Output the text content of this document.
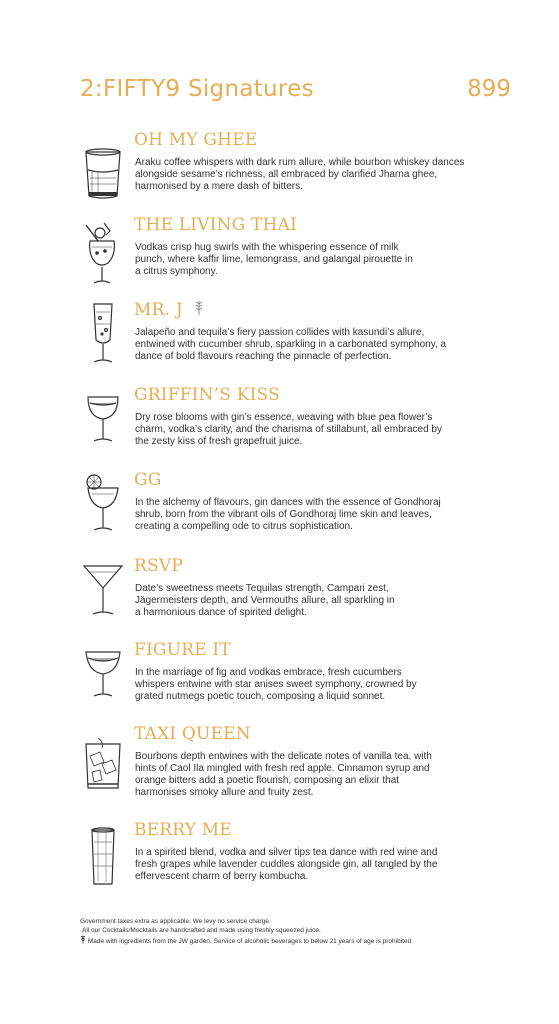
2:FIFTY9 Signatures	899
OH MY GHEE

Araku coffee whispers with dark rum allure, while bourbon whiskey dances
alongside sesame’s richness, all embraced by clarified Jharna ghee,
harmonised by a mere dash of bitters.

THE LIVING THAI

Vodkas crisp hug swirls with the whispering essence of milk
punch, where kaffir lime, lemongrass, and galangal pirouette in
a citrus symphony.

MR. J

Jalapeño and tequila’s fiery passion collides with kasundi’s allure,
entwined with cucumber shrub, sparkling in a carbonated symphony, a
dance of bold flavours reaching the pinnacle of perfection.

GRIFFIN’S KISS

Dry rose blooms with gin’s essence, weaving with blue pea flower’s
charm, vodka’s clarity, and the charisma of stillabunt, all embraced by
the zesty kiss of fresh grapefruit juice.

GG

In the alchemy of flavours, gin dances with the essence of Gondhoraj
shrub, born from the vibrant oils of Gondhoraj lime skin and leaves,
creating a compelling ode to citrus sophistication.

RSVP

Date’s sweetness meets Tequilas strength, Campari zest,
Jägermeisters depth, and Vermouths allure, all sparkling in
a harmonious dance of spirited delight.

FIGURE IT

In the marriage of fig and vodkas embrace, fresh cucumbers
whispers entwine with star anises sweet symphony, crowned by
grated nutmegs poetic touch, composing a liquid sonnet.

TAXI QUEEN

Bourbons depth entwines with the delicate notes of vanilla tea, with
hints of Caol Ila mingled with fresh red apple. Cinnamon syrup and
orange bitters add a poetic flourish, composing an elixir that
harmonises smoky allure and fruity zest.

BERRY ME

In a spirited blend, vodka and silver tips tea dance with red wine and
fresh grapes while lavender cuddles alongside gin, all tangled by the
effervescent charm of berry kombucha.

Government taxes extra as applicable. We levy no service charge.
All our Cocktails/Mocktails are handcrafted and made using freshly squeezed juice.
Made with ingredients from the JW garden. Service of alcoholic beverages to below 21 years of age is prohibited
